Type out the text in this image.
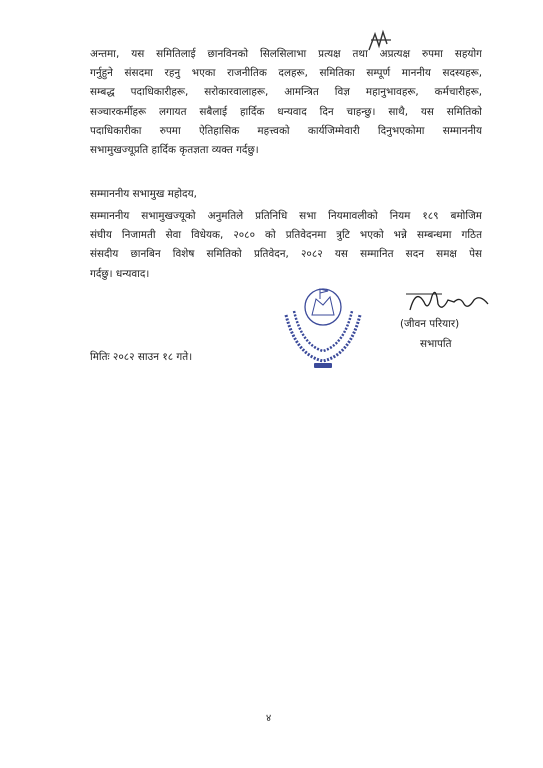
अन्तमा, यस समितिलाई छानविनको सिलसिलाभा प्रत्यक्ष तथा अप्रत्यक्ष रुपमा सहयोग
गर्नुहुने संसदमा रहनु भएका राजनीतिक दलहरू, समितिका सम्पूर्ण माननीय सदस्यहरू,
सम्बद्ध पदाधिकारीहरू, सरोकारवालाहरू, आमन्त्रित विज्ञ महानुभावहरू, कर्मचारीहरू,
सञ्चारकर्मीहरू लगायत सबैलाई हार्दिक धन्यवाद दिन चाहन्छु। साथै, यस समितिको
पदाधिकारीका रुपमा ऐतिहासिक महत्त्वको कार्यजिम्मेवारी दिनुभएकोमा सम्माननीय
सभामुखज्यूप्रति हार्दिक कृतज्ञता व्यक्त गर्दछु।
सम्माननीय सभामुख महोदय,
सम्माननीय सभामुखज्यूको अनुमतिले प्रतिनिधि सभा नियमावलीको नियम १८९ बमोजिम
संघीय निजामती सेवा विधेयक, २०८० को प्रतिवेदनमा त्रुटि भएको भन्ने सम्बन्धमा गठित
संसदीय छानबिन विशेष समितिको प्रतिवेदन, २०८२ यस सम्मानित सदन समक्ष पेस
गर्दछु। धन्यवाद।
(जीवन परियार)
सभापति
मितिः २०८२ साउन १८ गते।
४
